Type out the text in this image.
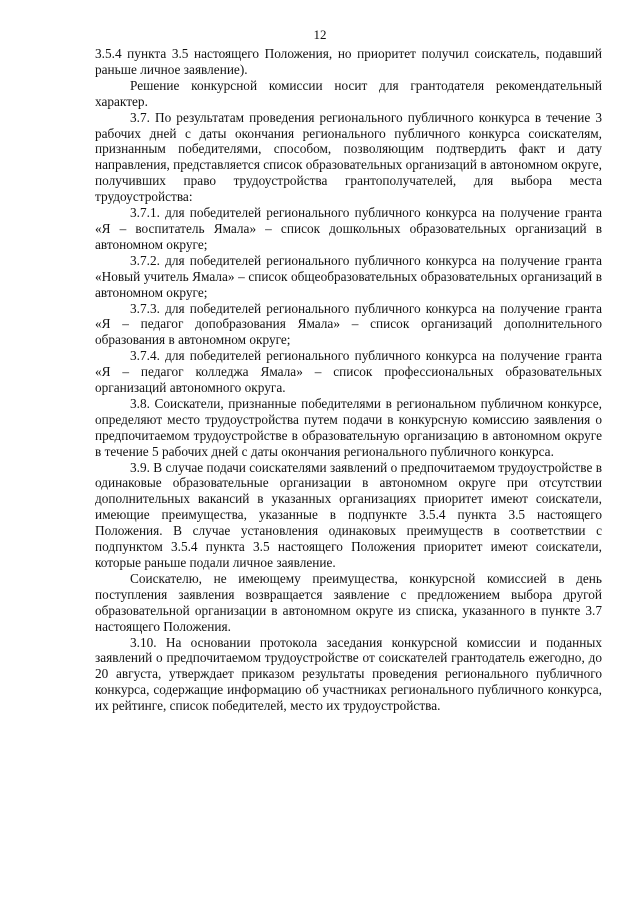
12

3.5.4 пункта 3.5 настоящего Положения, но приоритет получил соискатель, подавший раньше личное заявление).

Решение конкурсной комиссии носит для грантодателя рекомендательный характер.

3.7. По результатам проведения регионального публичного конкурса в течение 3 рабочих дней с даты окончания регионального публичного конкурса соискателям, признанным победителями, способом, позволяющим подтвердить факт и дату направления, представляется список образовательных организаций в автономном округе, получивших право трудоустройства грантополучателей, для выбора места трудоустройства:

3.7.1. для победителей регионального публичного конкурса на получение гранта «Я – воспитатель Ямала» – список дошкольных образовательных организаций в автономном округе;

3.7.2. для победителей регионального публичного конкурса на получение гранта «Новый учитель Ямала» – список общеобразовательных образовательных организаций в автономном округе;

3.7.3. для победителей регионального публичного конкурса на получение гранта «Я – педагог допобразования Ямала» – список организаций дополнительного образования в автономном округе;

3.7.4. для победителей регионального публичного конкурса на получение гранта «Я – педагог колледжа Ямала» – список профессиональных образовательных организаций автономного округа.

3.8. Соискатели, признанные победителями в региональном публичном конкурсе, определяют место трудоустройства путем подачи в конкурсную комиссию заявления о предпочитаемом трудоустройстве в образовательную организацию в автономном округе в течение 5 рабочих дней с даты окончания регионального публичного конкурса.

3.9. В случае подачи соискателями заявлений о предпочитаемом трудоустройстве в одинаковые образовательные организации в автономном округе при отсутствии дополнительных вакансий в указанных организациях приоритет имеют соискатели, имеющие преимущества, указанные в подпункте 3.5.4 пункта 3.5 настоящего Положения. В случае установления одинаковых преимуществ в соответствии с подпунктом 3.5.4 пункта 3.5 настоящего Положения приоритет имеют соискатели, которые раньше подали личное заявление.

Соискателю, не имеющему преимущества, конкурсной комиссией в день поступления заявления возвращается заявление с предложением выбора другой образовательной организации в автономном округе из списка, указанного в пункте 3.7 настоящего Положения.

3.10. На основании протокола заседания конкурсной комиссии и поданных заявлений о предпочитаемом трудоустройстве от соискателей грантодатель ежегодно, до 20 августа, утверждает приказом результаты проведения регионального публичного конкурса, содержащие информацию об участниках регионального публичного конкурса, их рейтинге, список победителей, место их трудоустройства.
